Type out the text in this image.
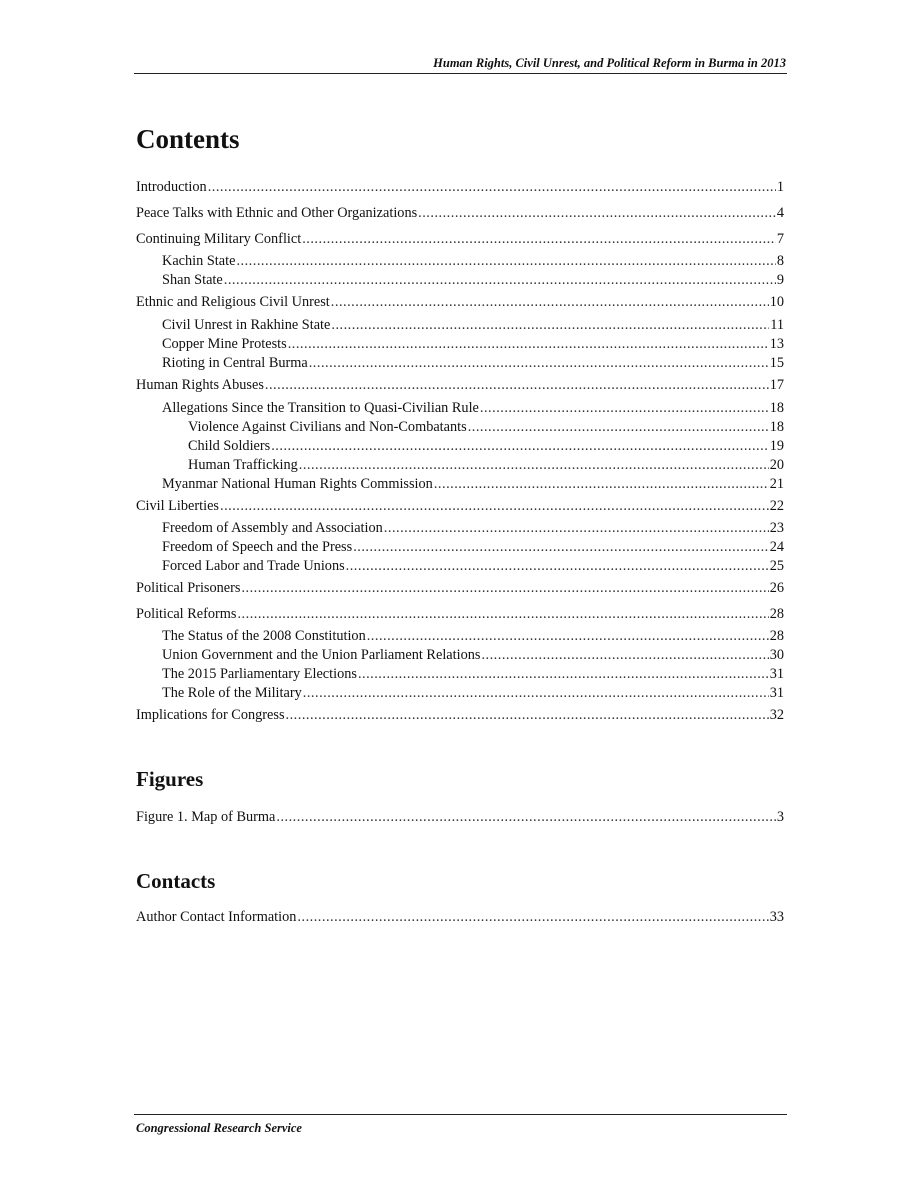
Human Rights, Civil Unrest, and Political Reform in Burma in 2013
Contents
Introduction .....	1
Peace Talks with Ethnic and Other Organizations .....	4
Continuing Military Conflict .....	7
Kachin State .....	8
Shan State .....	9
Ethnic and Religious Civil Unrest .....	10
Civil Unrest in Rakhine State .....	11
Copper Mine Protests .....	13
Rioting in Central Burma .....	15
Human Rights Abuses .....	17
Allegations Since the Transition to Quasi-Civilian Rule .....	18
Violence Against Civilians and Non-Combatants .....	18
Child Soldiers .....	19
Human Trafficking .....	20
Myanmar National Human Rights Commission .....	21
Civil Liberties .....	22
Freedom of Assembly and Association .....	23
Freedom of Speech and the Press .....	24
Forced Labor and Trade Unions .....	25
Political Prisoners .....	26
Political Reforms .....	28
The Status of the 2008 Constitution .....	28
Union Government and the Union Parliament Relations .....	30
The 2015 Parliamentary Elections .....	31
The Role of the Military .....	31
Implications for Congress .....	32
Figures
Figure 1. Map of Burma .....	3
Contacts
Author Contact Information .....	33
Congressional Research Service
